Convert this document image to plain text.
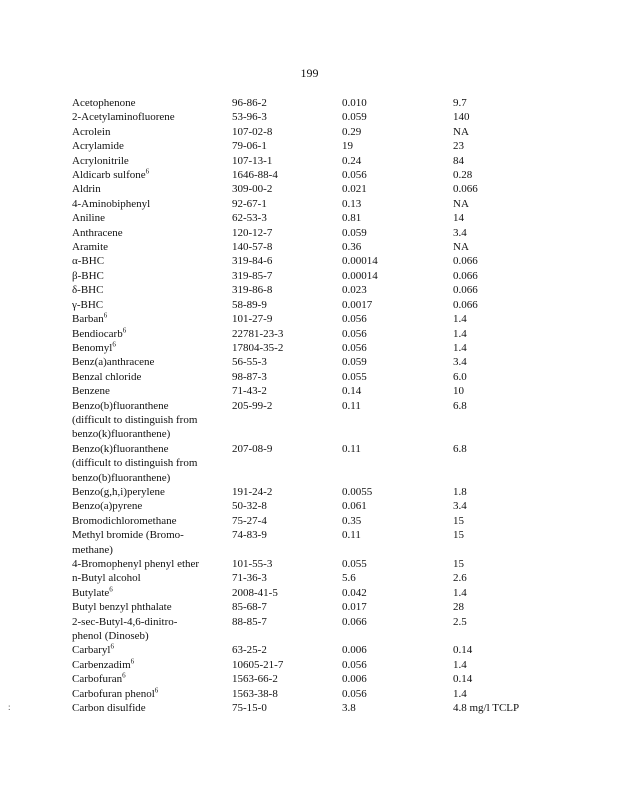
199
Acetophenone	96-86-2	0.010	9.7
2-Acetylaminofluorene	53-96-3	0.059	140
Acrolein	107-02-8	0.29	NA
Acrylamide	79-06-1	19	23
Acrylonitrile	107-13-1	0.24	84
Aldicarb sulfone$^6$	1646-88-4	0.056	0.28
Aldrin	309-00-2	0.021	0.066
4-Aminobiphenyl	92-67-1	0.13	NA
Aniline	62-53-3	0.81	14
Anthracene	120-12-7	0.059	3.4
Aramite	140-57-8	0.36	NA
α-BHC	319-84-6	0.00014	0.066
β-BHC	319-85-7	0.00014	0.066
δ-BHC	319-86-8	0.023	0.066
γ-BHC	58-89-9	0.0017	0.066
Barban$^6$	101-27-9	0.056	1.4
Bendiocarb$^6$	22781-23-3	0.056	1.4
Benomyl$^6$	17804-35-2	0.056	1.4
Benz(a)anthracene	56-55-3	0.059	3.4
Benzal chloride	98-87-3	0.055	6.0
Benzene	71-43-2	0.14	10
Benzo(b)fluoranthene
(difficult to distinguish from
benzo(k)fluoranthene)	205-99-2	0.11	6.8
Benzo(k)fluoranthene
(difficult to distinguish from
benzo(b)fluoranthene)	207-08-9	0.11	6.8
Benzo(g,h,i)perylene	191-24-2	0.0055	1.8
Benzo(a)pyrene	50-32-8	0.061	3.4
Bromodichloromethane	75-27-4	0.35	15
Methyl bromide (Bromo-
methane)	74-83-9	0.11	15
4-Bromophenyl phenyl ether	101-55-3	0.055	15
n-Butyl alcohol	71-36-3	5.6	2.6
Butylate$^6$	2008-41-5	0.042	1.4
Butyl benzyl phthalate	85-68-7	0.017	28
2-sec-Butyl-4,6-dinitro-
phenol (Dinoseb)	88-85-7	0.066	2.5
Carbaryl$^6$	63-25-2	0.006	0.14
Carbenzadim$^6$	10605-21-7	0.056	1.4
Carbofuran$^6$	1563-66-2	0.006	0.14
Carbofuran phenol$^6$	1563-38-8	0.056	1.4
Carbon disulfide	75-15-0	3.8	4.8 mg/l TCLP
:
